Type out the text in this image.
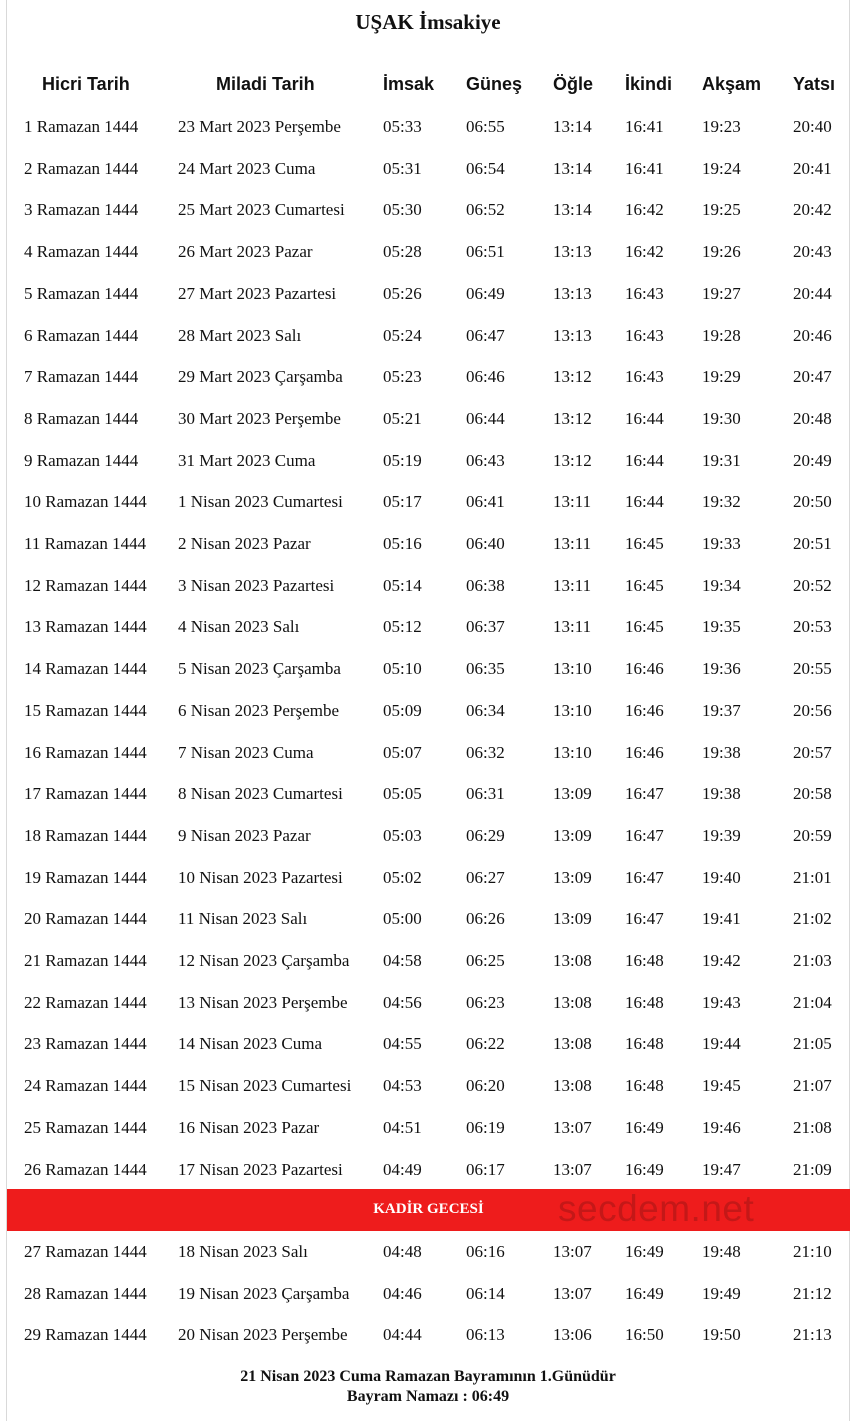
UŞAK İmsakiye
Hicri Tarih	Miladi Tarih	İmsak Güneş Öğle İkindi Akşam Yatsı
1 Ramazan 1444 23 Mart 2023 Perşembe 05:33	06:55	13:14 16:41 19:23	20:40
2 Ramazan 1444 24 Mart 2023 Cuma	05:31	06:54	13:14 16:41 19:24	20:41
3 Ramazan 1444 25 Mart 2023 Cumartesi 05:30	06:52	13:14 16:42 19:25	20:42
4 Ramazan 1444 26 Mart 2023 Pazar	05:28	06:51	13:13 16:42 19:26	20:43
5 Ramazan 1444 27 Mart 2023 Pazartesi	05:26	06:49	13:13 16:43 19:27	20:44
6 Ramazan 1444 28 Mart 2023 Salı	05:24	06:47	13:13 16:43 19:28	20:46
7 Ramazan 1444 29 Mart 2023 Çarşamba 05:23	06:46	13:12 16:43 19:29	20:47
8 Ramazan 1444 30 Mart 2023 Perşembe 05:21	06:44	13:12 16:44 19:30	20:48
9 Ramazan 1444 31 Mart 2023 Cuma	05:19	06:43	13:12 16:44 19:31	20:49
10 Ramazan 1444 1 Nisan 2023 Cumartesi 05:17	06:41	13:11 16:44 19:32	20:50
11 Ramazan 1444 2 Nisan 2023 Pazar	05:16	06:40	13:11 16:45 19:33	20:51
12 Ramazan 1444 3 Nisan 2023 Pazartesi	05:14	06:38	13:11 16:45 19:34	20:52
13 Ramazan 1444 4 Nisan 2023 Salı	05:12	06:37	13:11 16:45 19:35	20:53
14 Ramazan 1444 5 Nisan 2023 Çarşamba 05:10	06:35	13:10 16:46 19:36	20:55
15 Ramazan 1444 6 Nisan 2023 Perşembe	05:09	06:34	13:10 16:46 19:37	20:56
16 Ramazan 1444 7 Nisan 2023 Cuma	05:07	06:32	13:10 16:46 19:38	20:57
17 Ramazan 1444 8 Nisan 2023 Cumartesi 05:05	06:31	13:09 16:47 19:38	20:58
18 Ramazan 1444 9 Nisan 2023 Pazar	05:03	06:29	13:09 16:47 19:39	20:59
19 Ramazan 1444 10 Nisan 2023 Pazartesi 05:02	06:27	13:09 16:47 19:40	21:01
20 Ramazan 1444 11 Nisan 2023 Salı	05:00	06:26	13:09 16:47 19:41	21:02
21 Ramazan 1444 12 Nisan 2023 Çarşamba 04:58	06:25	13:08 16:48 19:42	21:03
22 Ramazan 1444 13 Nisan 2023 Perşembe 04:56	06:23	13:08 16:48 19:43	21:04
23 Ramazan 1444 14 Nisan 2023 Cuma	04:55	06:22	13:08 16:48 19:44	21:05
24 Ramazan 1444 15 Nisan 2023 Cumartesi 04:53	06:20	13:08 16:48 19:45	21:07
25 Ramazan 1444 16 Nisan 2023 Pazar	04:51	06:19	13:07 16:49 19:46	21:08
26 Ramazan 1444 17 Nisan 2023 Pazartesi 04:49	06:17	13:07 16:49 19:47	21:09
KADİR GECESİ	secdem.net
27 Ramazan 1444 18 Nisan 2023 Salı	04:48	06:16	13:07 16:49 19:48	21:10
28 Ramazan 1444 19 Nisan 2023 Çarşamba 04:46	06:14	13:07 16:49 19:49	21:12
29 Ramazan 1444 20 Nisan 2023 Perşembe 04:44	06:13	13:06 16:50 19:50	21:13
21 Nisan 2023 Cuma Ramazan Bayramının 1.Günüdür
Bayram Namazı : 06:49
